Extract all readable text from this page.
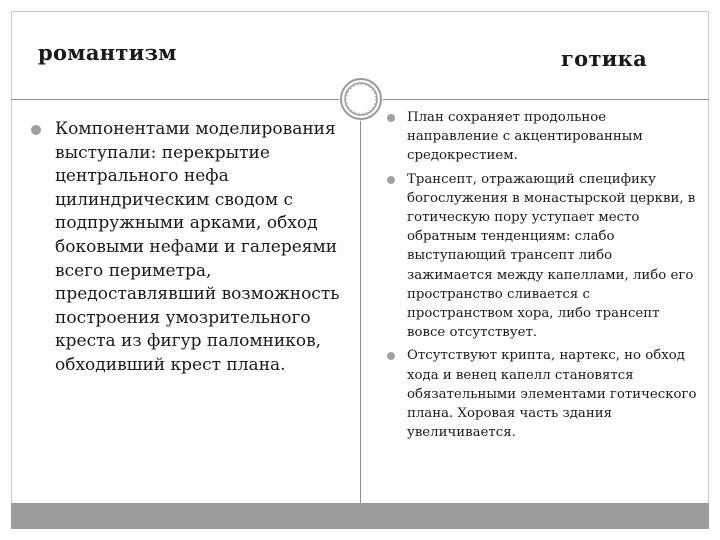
романтизм	готика
Компонентами моделирования выступали: перекрытие центрального нефа цилиндрическим сводом с подпружными арками, обход боковыми нефами и галереями всего периметра, предоставлявший возможность построения умозрительного креста из фигур паломников, обходивший крест плана.
План сохраняет продольное направление с акцентированным средокрестием.
Трансепт, отражающий специфику богослужения в монастырской церкви, в готическую пору уступает место обратным тенденциям: слабо выступающий трансепт либо зажимается между капеллами, либо его пространство сливается с пространством хора, либо трансепт вовсе отсутствует.
Отсутствуют крипта, нартекс, но обход хода и венец капелл становятся обязательными элементами готического плана. Хоровая часть здания увеличивается.
